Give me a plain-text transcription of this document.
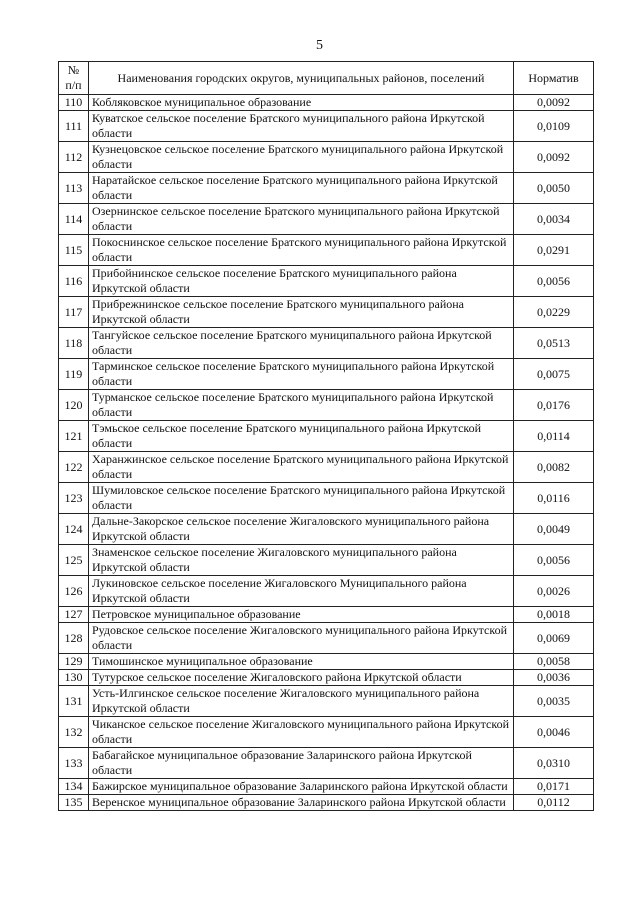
5
№ п/п	Наименования городских округов, муниципальных районов, поселений	Норматив
110	Кобляковское муниципальное образование	0,0092
111	Куватское сельское поселение Братского муниципального района Иркутской области	0,0109
112	Кузнецовское сельское поселение Братского муниципального района Иркутской области	0,0092
113	Наратайское сельское поселение Братского муниципального района Иркутской области	0,0050
114	Озернинское сельское поселение Братского муниципального района Иркутской области	0,0034
115	Покоснинское сельское поселение Братского муниципального района Иркутской области	0,0291
116	Прибойнинское сельское поселение Братского муниципального района Иркутской области	0,0056
117	Прибрежнинское сельское поселение Братского муниципального района Иркутской области	0,0229
118	Тангуйское сельское поселение Братского муниципального района Иркутской области	0,0513
119	Тарминское сельское поселение Братского муниципального района Иркутской области	0,0075
120	Турманское сельское поселение Братского муниципального района Иркутской области	0,0176
121	Тэмьское сельское поселение Братского муниципального района Иркутской области	0,0114
122	Харанжинское сельское поселение Братского муниципального района Иркутской области	0,0082
123	Шумиловское сельское поселение Братского муниципального района Иркутской области	0,0116
124	Дальне-Закорское сельское поселение Жигаловского муниципального района Иркутской области	0,0049
125	Знаменское сельское поселение Жигаловского муниципального района Иркутской области	0,0056
126	Лукиновское сельское поселение Жигаловского Муниципального района Иркутской области	0,0026
127	Петровское муниципальное образование	0,0018
128	Рудовское сельское поселение Жигаловского муниципального района Иркутской области	0,0069
129	Тимошинское муниципальное образование	0,0058
130	Тутурское сельское поселение Жигаловского района Иркутской области	0,0036
131	Усть-Илгинское сельское поселение Жигаловского муниципального района Иркутской области	0,0035
132	Чиканское сельское поселение Жигаловского муниципального района Иркутской области	0,0046
133	Бабагайское муниципальное образование Заларинского района Иркутской области	0,0310
134	Бажирское муниципальное образование Заларинского района Иркутской области	0,0171
135	Веренское муниципальное образование Заларинского района Иркутской области	0,0112
